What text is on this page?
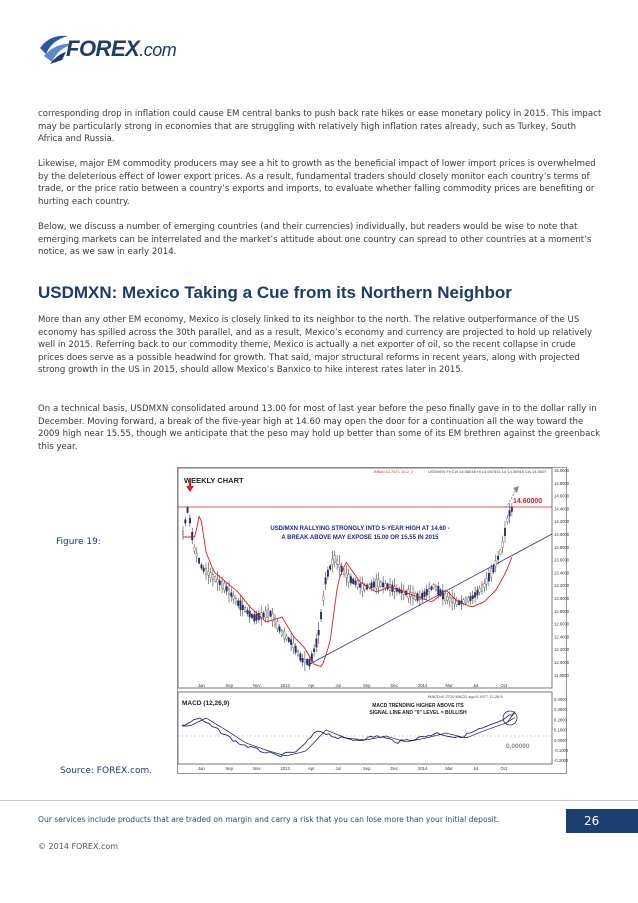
FOREX.com

corresponding drop in inflation could cause EM central banks to push back rate hikes or ease monetary policy in 2015. This impact may be particularly strong in economies that are struggling with relatively high inflation rates already, such as Turkey, South Africa and Russia.

Likewise, major EM commodity producers may see a hit to growth as the beneficial impact of lower import prices is overwhelmed by the deleterious effect of lower export prices. As a result, fundamental traders should closely monitor each country’s terms of trade, or the price ratio between a country’s exports and imports, to evaluate whether falling commodity prices are benefiting or hurting each country.

Below, we discuss a number of emerging countries (and their currencies) individually, but readers would be wise to note that emerging markets can be interrelated and the market’s attitude about one country can spread to other countries at a moment’s notice, as we saw in early 2014.

USDMXN: Mexico Taking a Cue from its Northern Neighbor

More than any other EM economy, Mexico is closely linked to its neighbor to the north. The relative outperformance of the US economy has spilled across the 30th parallel, and as a result, Mexico’s economy and currency are projected to hold up relatively well in 2015. Referring back to our commodity theme, Mexico is actually a net exporter of oil, so the recent collapse in crude prices does serve as a possible headwind for growth. That said, major structural reforms in recent years, along with projected strong growth in the US in 2015, should allow Mexico’s Banxico to hike interest rates later in 2015.

On a technical basis, USDMXN consolidated around 13.00 for most of last year before the peso finally gave in to the dollar rally in December. Moving forward, a break of the five-year high at 14.60 may open the door for a continuation all the way toward the 2009 high near 15.55, though we anticipate that the peso may hold up better than some of its EM brethren against the greenback this year.

Figure 19:
WEEKLY CHART
Bfi6a=13.7571 10.2_1	USDMXN Fx Cct 14.58048 Hi 14.657531 Lo 14.30910 Cls 14.6507 15.0000
14.8000
14.6000
14.4000
14.2000
14.0000
13.8000
13.6000
13.4000
13.2000
13.0000
12.8000
12.6000
12.4000
12.2000
12.0000
11.8000
14.60000
USD/MXN RALLYING STRONGLY INTO 5-YEAR HIGH AT 14.60 -
A BREAK ABOVE MAY EXPOSE 15.00 OR 15.55 IN 2015
0.4000
0.3000
0.2000
0.1000
0.0000
-0.1000
-0.2000
MACD (12,26,9)
MACD=0.2710 MACD sig=0.1977 12,26,9
MACD TRENDING HIGHER ABOVE ITS
SIGNAL LINE AND "0" LEVEL = BULLISH
0.00000
Jan	Sep	Nov	2013	Apr	Jul	Sep	Dec	2014	Mar	Jul	Oct
Jan	Sep	Nov	2013	Apr	Jul	Sep	Dec	2014	Mar	Jul	Oct
Source: FOREX.com.
Our services include products that are traded on margin and carry a risk that you can lose more than your initial deposit.	26
© 2014 FOREX.com
